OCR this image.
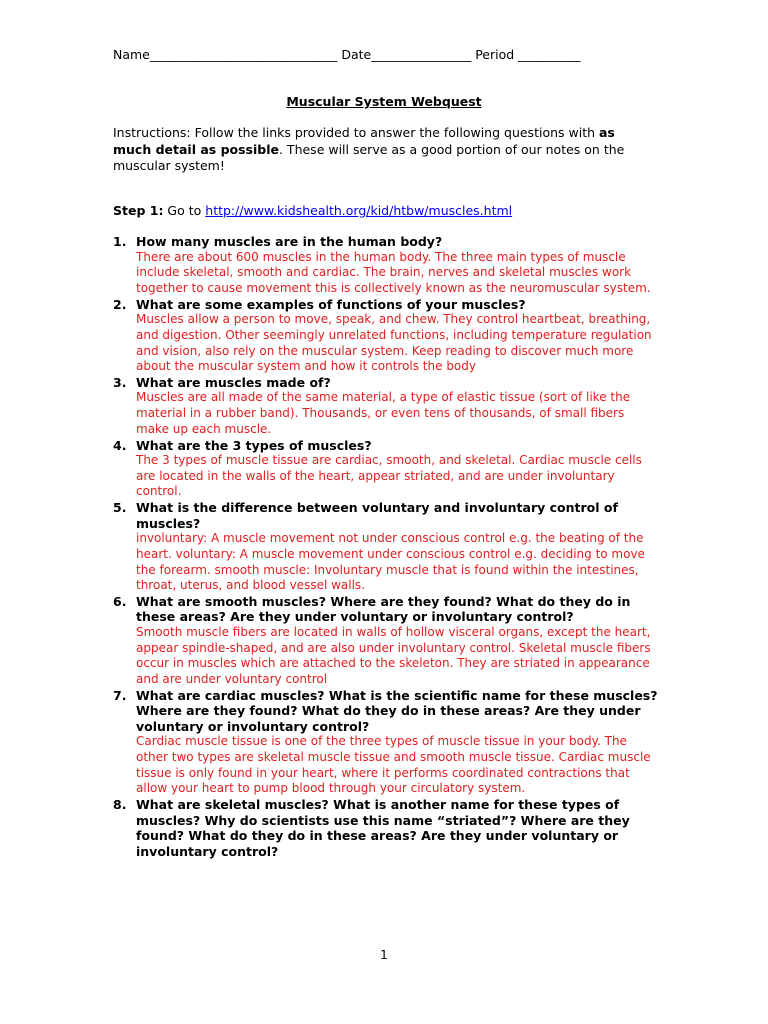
Name______________________________ Date________________ Period __________
Muscular System Webquest
Instructions: Follow the links provided to answer the following questions with as much detail as possible. These will serve as a good portion of our notes on the muscular system!
Step 1: Go to http://www.kidshealth.org/kid/htbw/muscles.html
1. How many muscles are in the human body?
There are about 600 muscles in the human body. The three main types of muscle include skeletal, smooth and cardiac. The brain, nerves and skeletal muscles work together to cause movement this is collectively known as the neuromuscular system.
2. What are some examples of functions of your muscles?
Muscles allow a person to move, speak, and chew. They control heartbeat, breathing, and digestion. Other seemingly unrelated functions, including temperature regulation and vision, also rely on the muscular system. Keep reading to discover much more about the muscular system and how it controls the body
3. What are muscles made of?
Muscles are all made of the same material, a type of elastic tissue (sort of like the material in a rubber band). Thousands, or even tens of thousands, of small fibers make up each muscle.
4. What are the 3 types of muscles?
The 3 types of muscle tissue are cardiac, smooth, and skeletal. Cardiac muscle cells are located in the walls of the heart, appear striated, and are under involuntary control.
5. What is the difference between voluntary and involuntary control of muscles?
involuntary: A muscle movement not under conscious control e.g. the beating of the heart. voluntary: A muscle movement under conscious control e.g. deciding to move the forearm. smooth muscle: Involuntary muscle that is found within the intestines, throat, uterus, and blood vessel walls.
6. What are smooth muscles? Where are they found? What do they do in these areas? Are they under voluntary or involuntary control?
Smooth muscle fibers are located in walls of hollow visceral organs, except the heart, appear spindle-shaped, and are also under involuntary control. Skeletal muscle fibers occur in muscles which are attached to the skeleton. They are striated in appearance and are under voluntary control
7. What are cardiac muscles? What is the scientific name for these muscles? Where are they found? What do they do in these areas? Are they under voluntary or involuntary control?
Cardiac muscle tissue is one of the three types of muscle tissue in your body. The other two types are skeletal muscle tissue and smooth muscle tissue. Cardiac muscle tissue is only found in your heart, where it performs coordinated contractions that allow your heart to pump blood through your circulatory system.
8. What are skeletal muscles? What is another name for these types of muscles? Why do scientists use this name “striated”? Where are they found? What do they do in these areas? Are they under voluntary or involuntary control?
1
